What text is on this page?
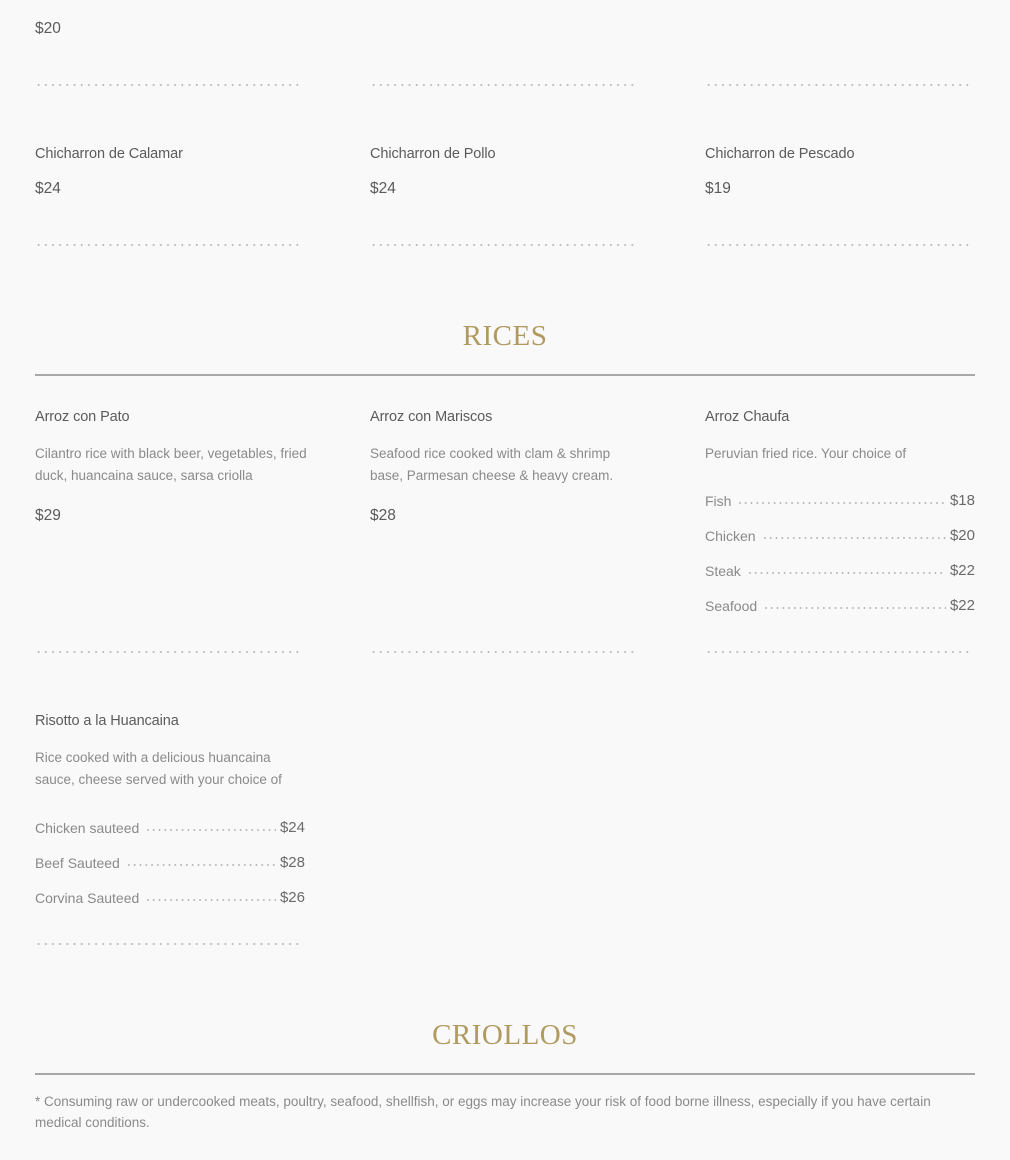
$20
Chicharron de Calamar
$24
Chicharron de Pollo
$24
Chicharron de Pescado
$19
RICES
Arroz con Pato
Cilantro rice with black beer, vegetables, fried duck, huancaina sauce, sarsa criolla
$29
Arroz con Mariscos
Seafood rice cooked with clam & shrimp base, Parmesan cheese & heavy cream.
$28
Arroz Chaufa
Peruvian fried rice. Your choice of
Fish	$18
Chicken	$20
Steak	$22
Seafood	$22
Risotto a la Huancaina
Rice cooked with a delicious huancaina sauce, cheese served with your choice of
Chicken sauteed	$24
Beef Sauteed	$28
Corvina Sauteed	$26
CRIOLLOS
* Consuming raw or undercooked meats, poultry, seafood, shellfish, or eggs may increase your risk of food borne illness, especially if you have certain medical conditions.
